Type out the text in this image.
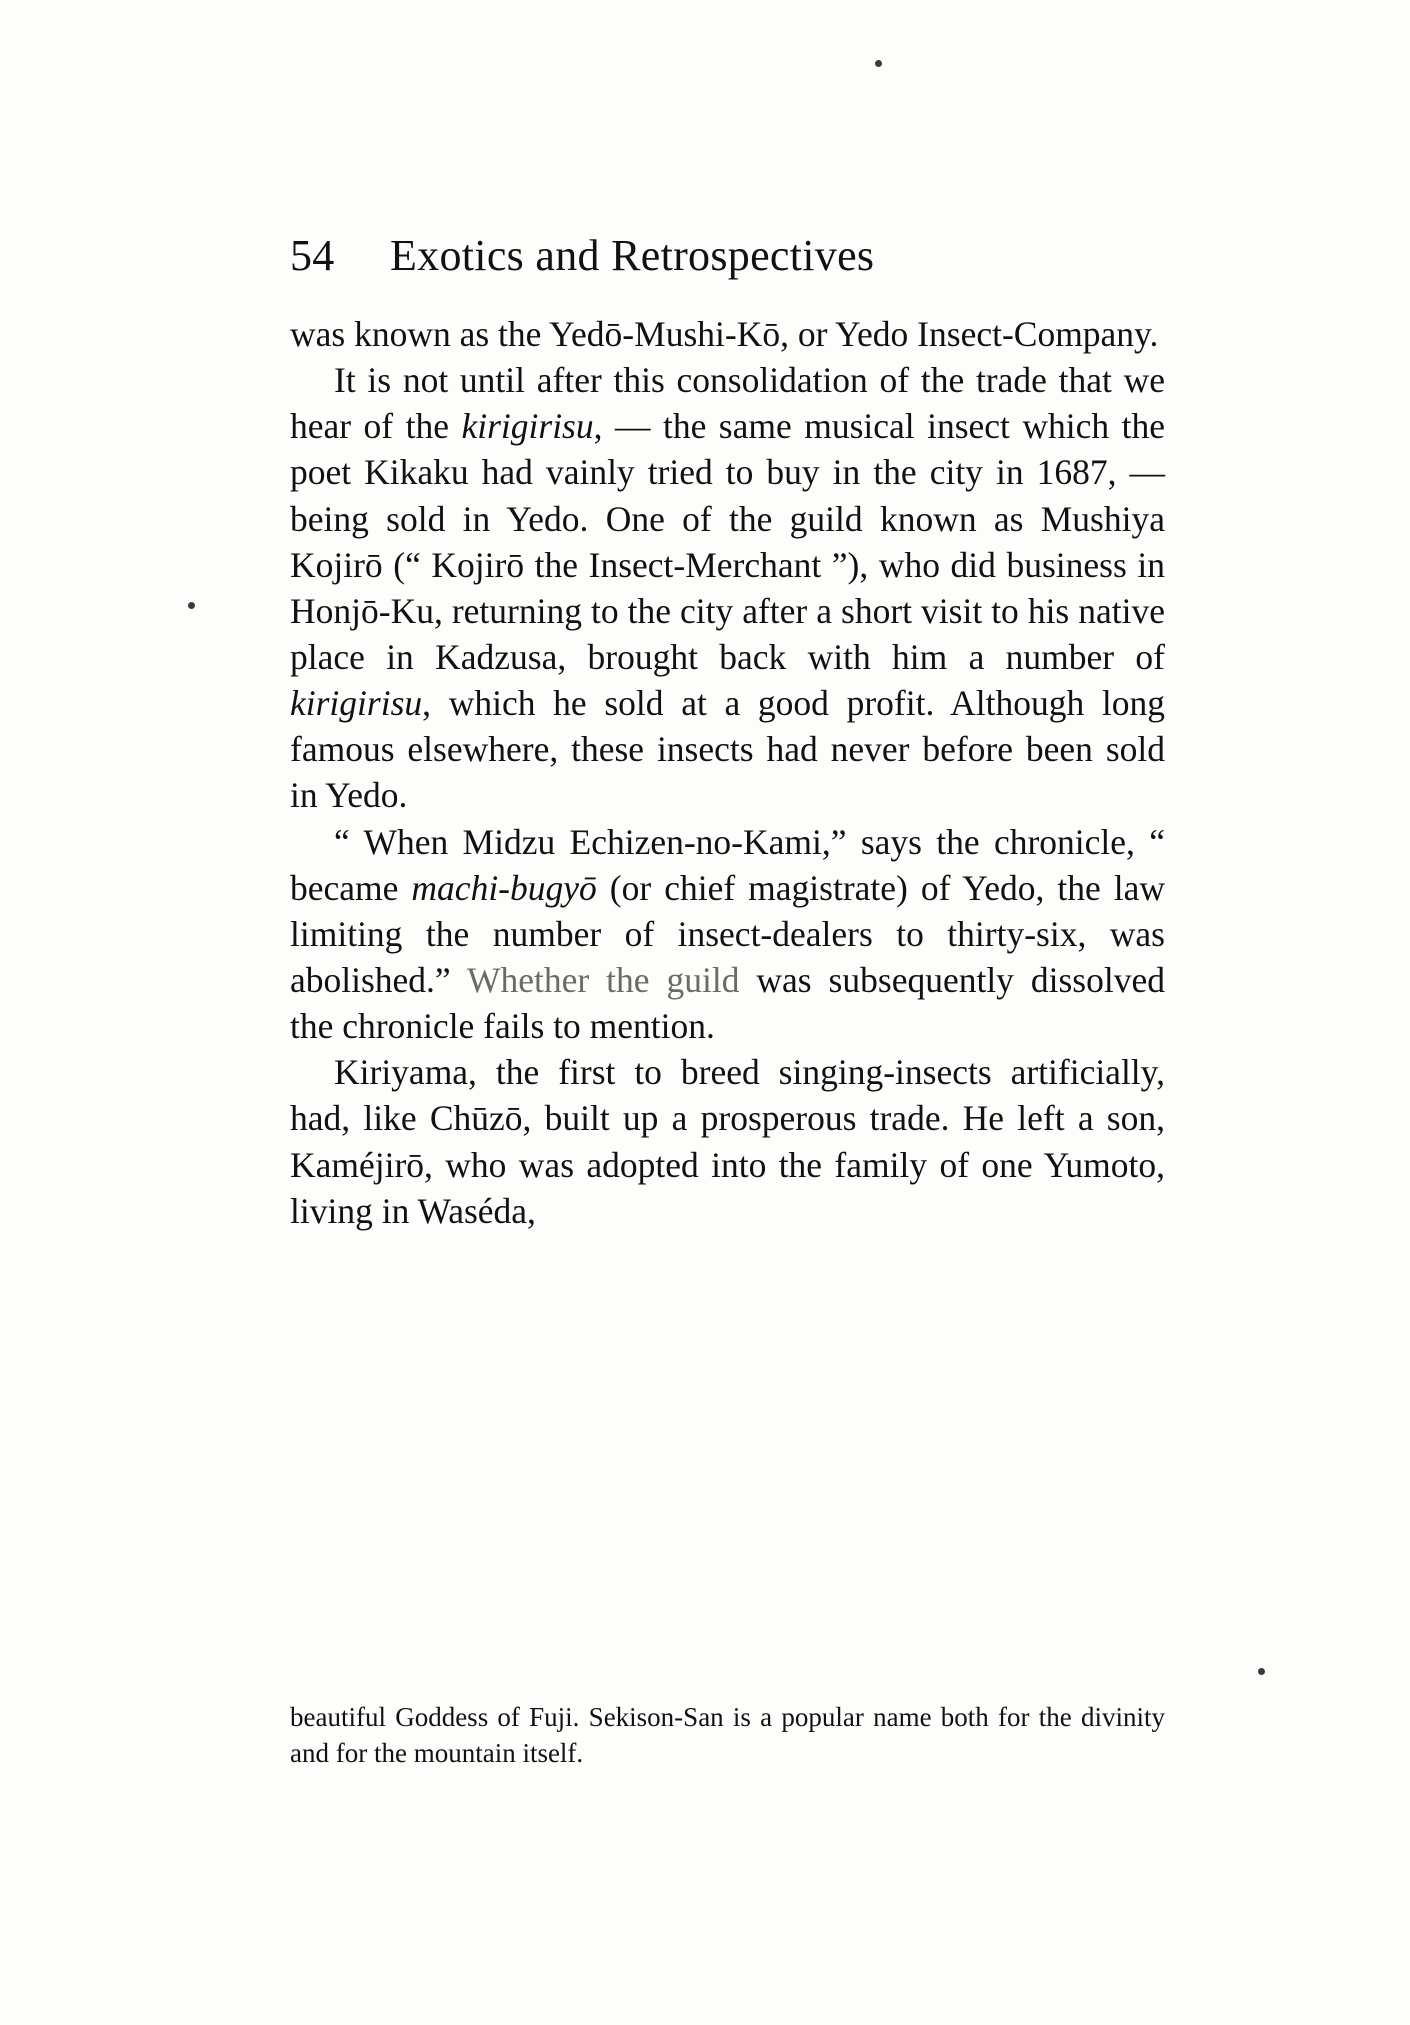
54	Exotics and Retrospectives

was known as the Yedō-Mushi-Kō, or Yedo Insect-Company.

It is not until after this consolidation of the trade that we hear of the kirigirisu, — the same musical insect which the poet Kikaku had vainly tried to buy in the city in 1687, — being sold in Yedo. One of the guild known as Mushiya Kojirō (“ Kojirō the Insect-Merchant ”), who did business in Honjō-Ku, returning to the city after a short visit to his native place in Kadzusa, brought back with him a number of kirigirisu, which he sold at a good profit. Although long famous elsewhere, these insects had never before been sold in Yedo.

“ When Midzu Echizen-no-Kami,” says the chronicle, “ became machi-bugyō (or chief magistrate) of Yedo, the law limiting the number of insect-dealers to thirty-six, was abolished.” Whether the guild was subsequently dissolved the chronicle fails to mention.

Kiriyama, the first to breed singing-insects artificially, had, like Chūzō, built up a prosperous trade. He left a son, Kaméjirō, who was adopted into the family of one Yumoto, living in Waséda,

beautiful Goddess of Fuji. Sekison-San is a popular name both for the divinity and for the mountain itself.
